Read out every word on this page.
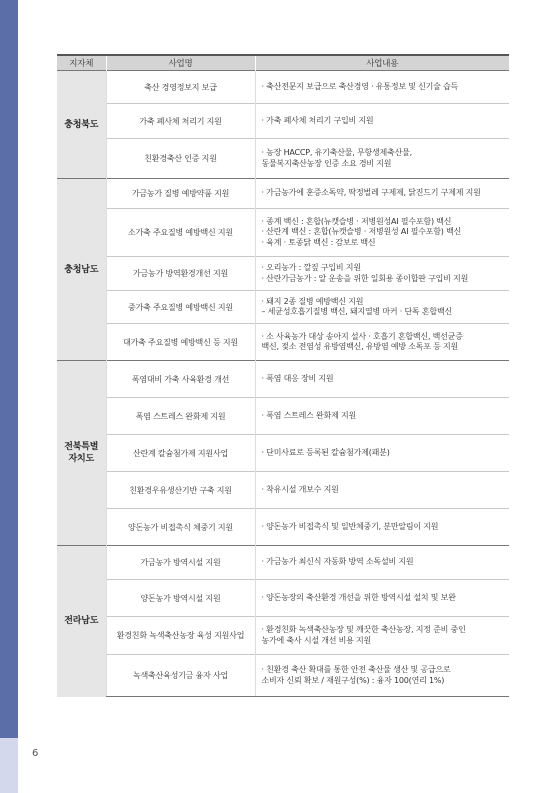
지자체	사업명	사업내용

충청북도	축산 경영정보지 보급	· 축산전문지 보급으로 축산경영 · 유통정보 및 신기술 습득

	가축 폐사체 처리기 지원	· 가축 폐사체 처리기 구입비 지원

	친환경축산 인증 지원	· 농장 HACCP, 유기축산물, 무항생제축산물,
동물복지축산농장 인증 소요 경비 지원

충청남도	가금농가 질병 예방약품 지원	· 가금농가에 훈증소독약, 딱정벌레 구제제, 닭진드기 구제제 지원

	소가축 주요질병 예방백신 지원	· 종계 백신 : 혼합(뉴캣슬병 · 저병원성AI 필수포함) 백신
· 산란계 백신 : 혼합(뉴캣슬병 · 저병원성 AI 필수포함) 백신
· 육계 · 토종닭 백신 : 감보로 백신

	가금농가 방역환경개선 지원	· 오리농가 : 깔짚 구입비 지원
· 산란가금농가 : 알 운송을 위한 일회용 종이합판 구입비 지원

	중가축 주요질병 예방백신 지원	· 돼지 2종 질병 예방백신 지원
– 세균성호흡기질병 백신, 돼지열병 마커 · 단독 혼합백신

	대가축 주요질병 예방백신 등 지원	· 소 사육농가 대상 송아지 설사 · 호흡기 혼합백신, 백선균증
백신, 젖소 전염성 유방염백신, 유방염 예방 소독포 등 지원

전북특별
자치도	폭염대비 가축 사육환경 개선	· 폭염 대응 장비 지원

	폭염 스트레스 완화제 지원	· 폭염 스트레스 완화제 지원

	산란계 칼슘첨가제 지원사업	· 단미사료로 등록된 칼슘첨가제(패분)

	친환경우유생산기반 구축 지원	· 착유시설 개보수 지원

	양돈농가 비접촉식 체중기 지원	· 양돈농가 비접촉식 및 일반체중기, 분만알림이 지원

전라남도	가금농가 방역시설 지원	· 가금농가 최신식 자동화 방역 소독설비 지원

	양돈농가 방역시설 지원	· 양돈농장의 축산환경 개선을 위한 방역시설 설치 및 보완

	환경친화 녹색축산농장 육성 지원사업	· 환경친화 녹색축산농장 및 깨끗한 축산농장, 지정 준비 중인
농가에 축사 시설 개선 비용 지원

	녹색축산육성기금 융자 사업	· 친환경 축산 확대를 통한 안전 축산물 생산 및 공급으로
소비자 신뢰 확보 / 재원구성(%) : 융자 100(연리 1%)
6
